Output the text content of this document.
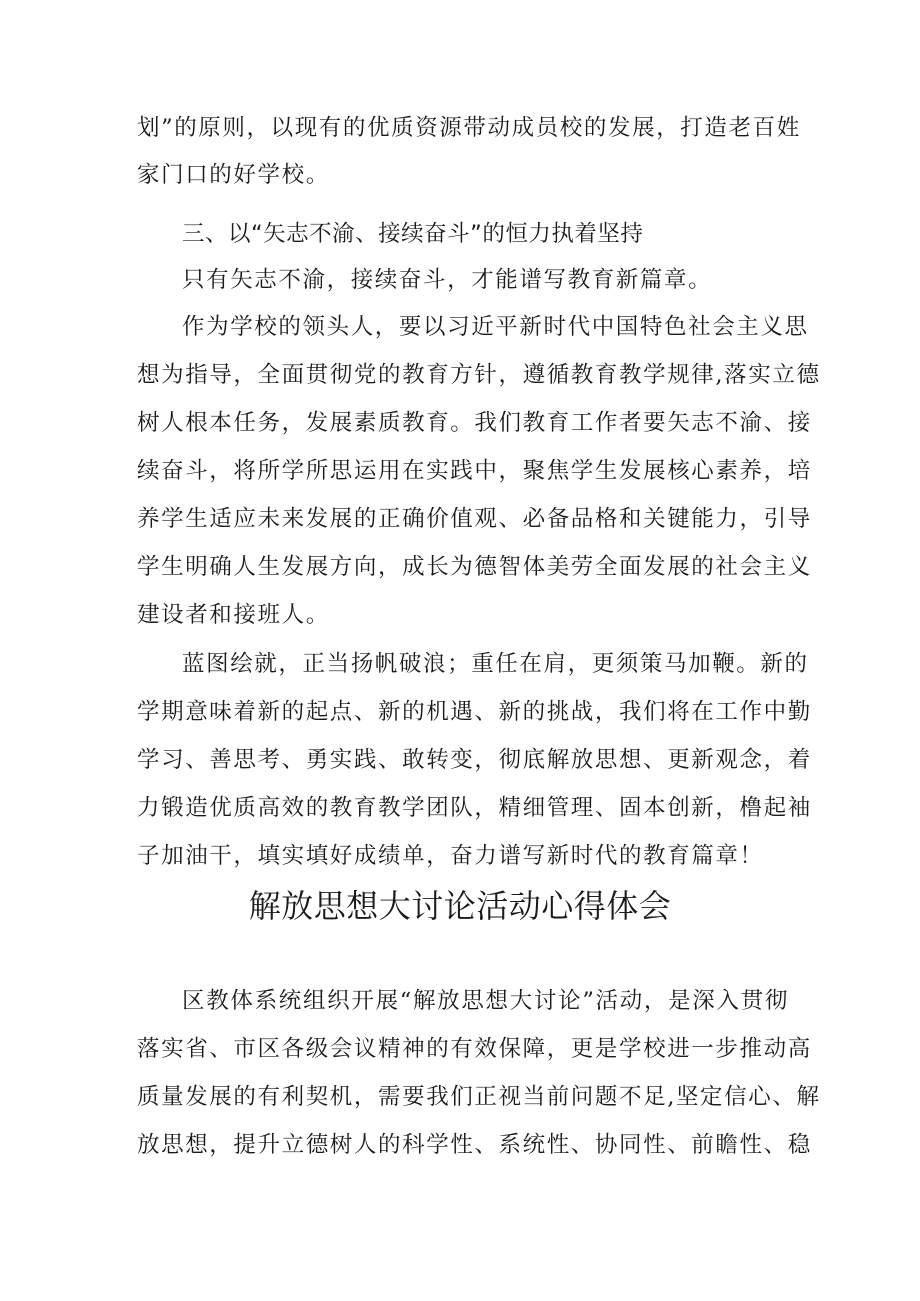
划”的原则，以现有的优质资源带动成员校的发展，打造老百姓
家门口的好学校。
三、以“矢志不渝、接续奋斗”的恒力执着坚持
只有矢志不渝，接续奋斗，才能谱写教育新篇章。
作为学校的领头人，要以习近平新时代中国特色社会主义思
想为指导，全面贯彻党的教育方针，遵循教育教学规律,落实立德
树人根本任务，发展素质教育。我们教育工作者要矢志不渝、接
续奋斗，将所学所思运用在实践中，聚焦学生发展核心素养，培
养学生适应未来发展的正确价值观、必备品格和关键能力，引导
学生明确人生发展方向，成长为德智体美劳全面发展的社会主义
建设者和接班人。
蓝图绘就，正当扬帆破浪；重任在肩，更须策马加鞭。新的
学期意味着新的起点、新的机遇、新的挑战，我们将在工作中勤
学习、善思考、勇实践、敢转变，彻底解放思想、更新观念，着
力锻造优质高效的教育教学团队，精细管理、固本创新，橹起袖
子加油干，填实填好成绩单，奋力谱写新时代的教育篇章！
解放思想大讨论活动心得体会
区教体系统组织开展“解放思想大讨论”活动，是深入贯彻
落实省、市区各级会议精神的有效保障，更是学校进一步推动高
质量发展的有利契机，需要我们正视当前问题不足,坚定信心、解
放思想，提升立德树人的科学性、系统性、协同性、前瞻性、稳
